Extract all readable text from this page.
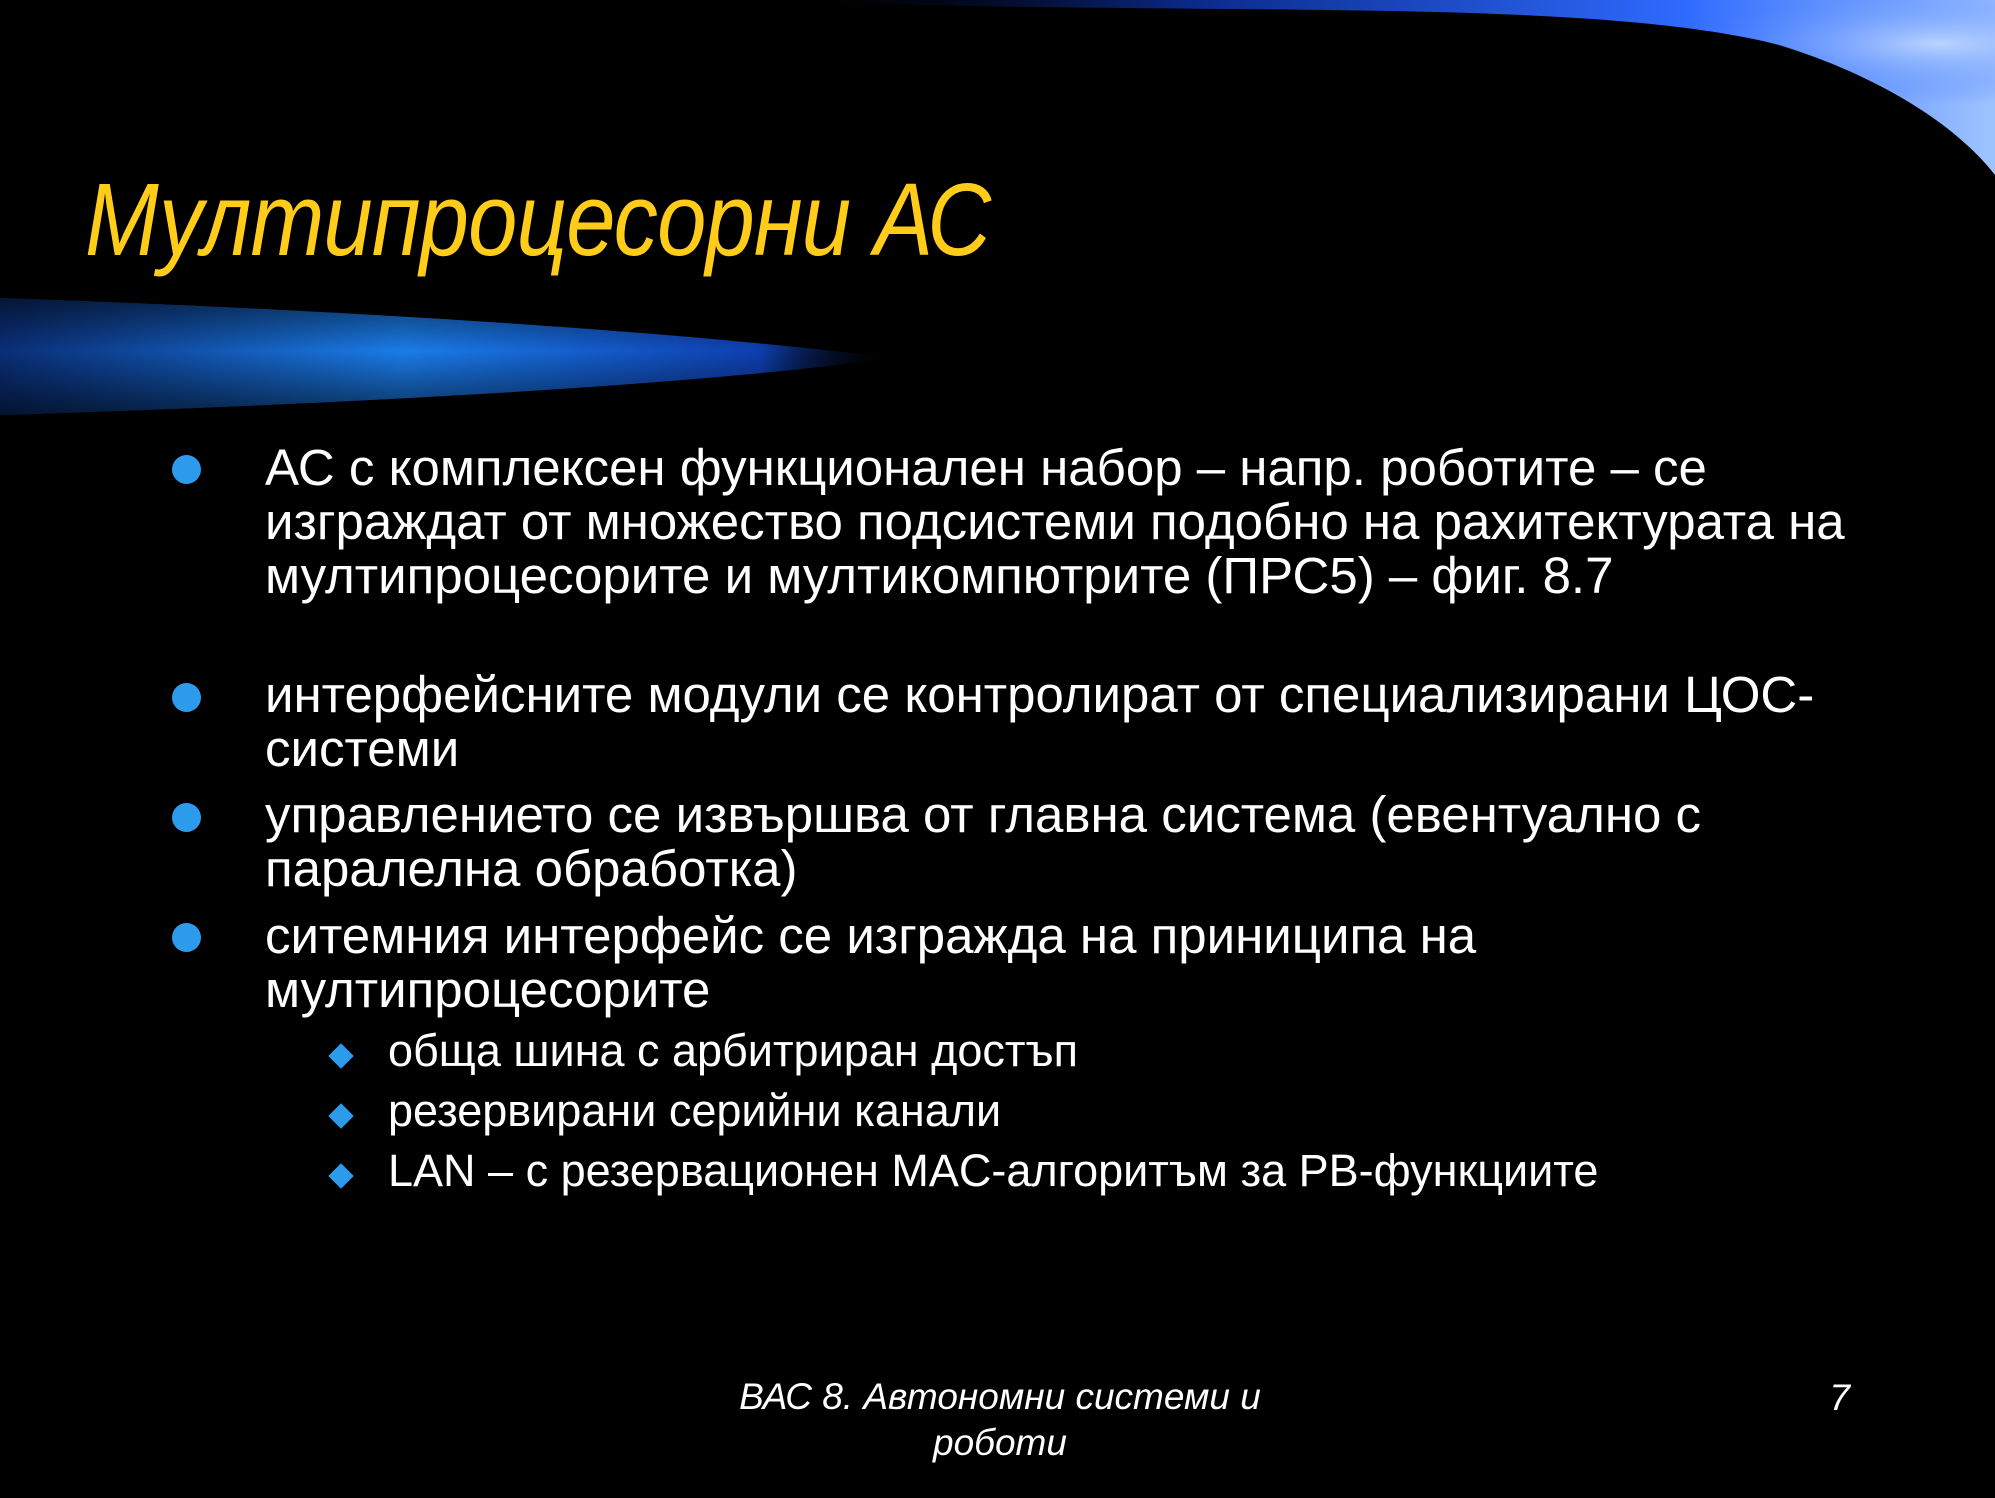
Мултипроцесорни АС
АС с комплексен функционален набор – напр. роботите – се изграждат от множество подсистеми подобно на рахитектурата на мултипроцесорите и мултикомпютрите (ПРС5) – фиг. 8.7
интерфейсните модули се контролират от специализирани ЦОС-системи
управлението се извършва от главна система (евентуално с паралелна обработка)
ситемния интерфейс се изгражда на приниципа на мултипроцесорите
обща шина с арбитриран достъп
резервирани серийни канали
LAN – с резервационен MAC-алгоритъм за РВ-функциите
ВАС 8. Автономни системи и
роботи
7
